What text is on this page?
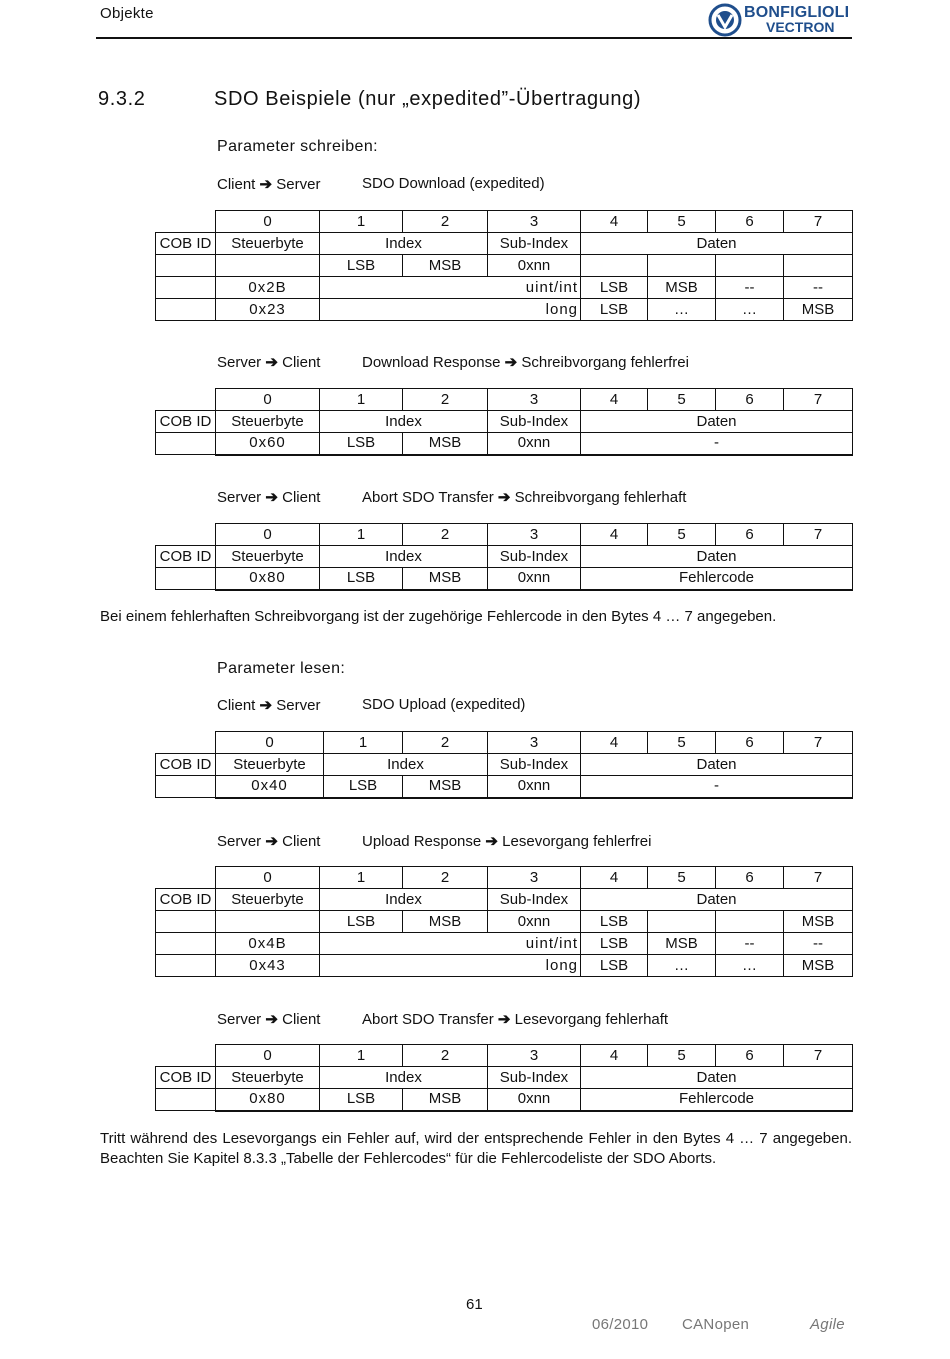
Objekte	BONFIGLIOLI
VECTRON
9.3.2	SDO Beispiele (nur „expedited”-Übertragung)
Parameter schreiben:
Client ➔ Server	SDO Download (expedited)
	0	1	2	3	4	5	6	7
COB ID	Steuerbyte	Index		Sub-Index	Daten			
		LSB	MSB	0xnn				
	0x2B	uint/int			LSB	MSB	--	--
	0x23	long			LSB	…	…	MSB
Server ➔ Client	Download Response ➔ Schreibvorgang fehlerfrei
	0	1	2	3	4	5	6	7
COB ID	Steuerbyte	Index		Sub-Index	Daten			
	0x60	LSB	MSB	0xnn	-			
Server ➔ Client	Abort SDO Transfer ➔ Schreibvorgang fehlerhaft
	0	1	2	3	4	5	6	7
COB ID	Steuerbyte	Index		Sub-Index	Daten			
	0x80	LSB	MSB	0xnn	Fehlercode			
Bei einem fehlerhaften Schreibvorgang ist der zugehörige Fehlercode in den Bytes 4 … 7 angegeben.
Parameter lesen:
Client ➔ Server	SDO Upload (expedited)
	0	1	2	3	4	5	6	7
COB ID	Steuerbyte	Index		Sub-Index	Daten			
	0x40	LSB	MSB	0xnn	-			
Server ➔ Client	Upload Response ➔ Lesevorgang fehlerfrei
	0	1	2	3	4	5	6	7
COB ID	Steuerbyte	Index		Sub-Index	Daten			
		LSB	MSB	0xnn	LSB			MSB
	0x4B	uint/int			LSB	MSB	--	--
	0x43	long			LSB	…	…	MSB
Server ➔ Client	Abort SDO Transfer ➔ Lesevorgang fehlerhaft
	0	1	2	3	4	5	6	7
COB ID	Steuerbyte	Index		Sub-Index	Daten			
	0x80	LSB	MSB	0xnn	Fehlercode			
Tritt während des Lesevorgangs ein Fehler auf, wird der entsprechende Fehler in den Bytes 4 … 7 angegeben. Beachten Sie Kapitel 8.3.3 „Tabelle der Fehlercodes“ für die Fehlercodeliste der SDO Aborts.
61
06/2010 CANopen	Agile
